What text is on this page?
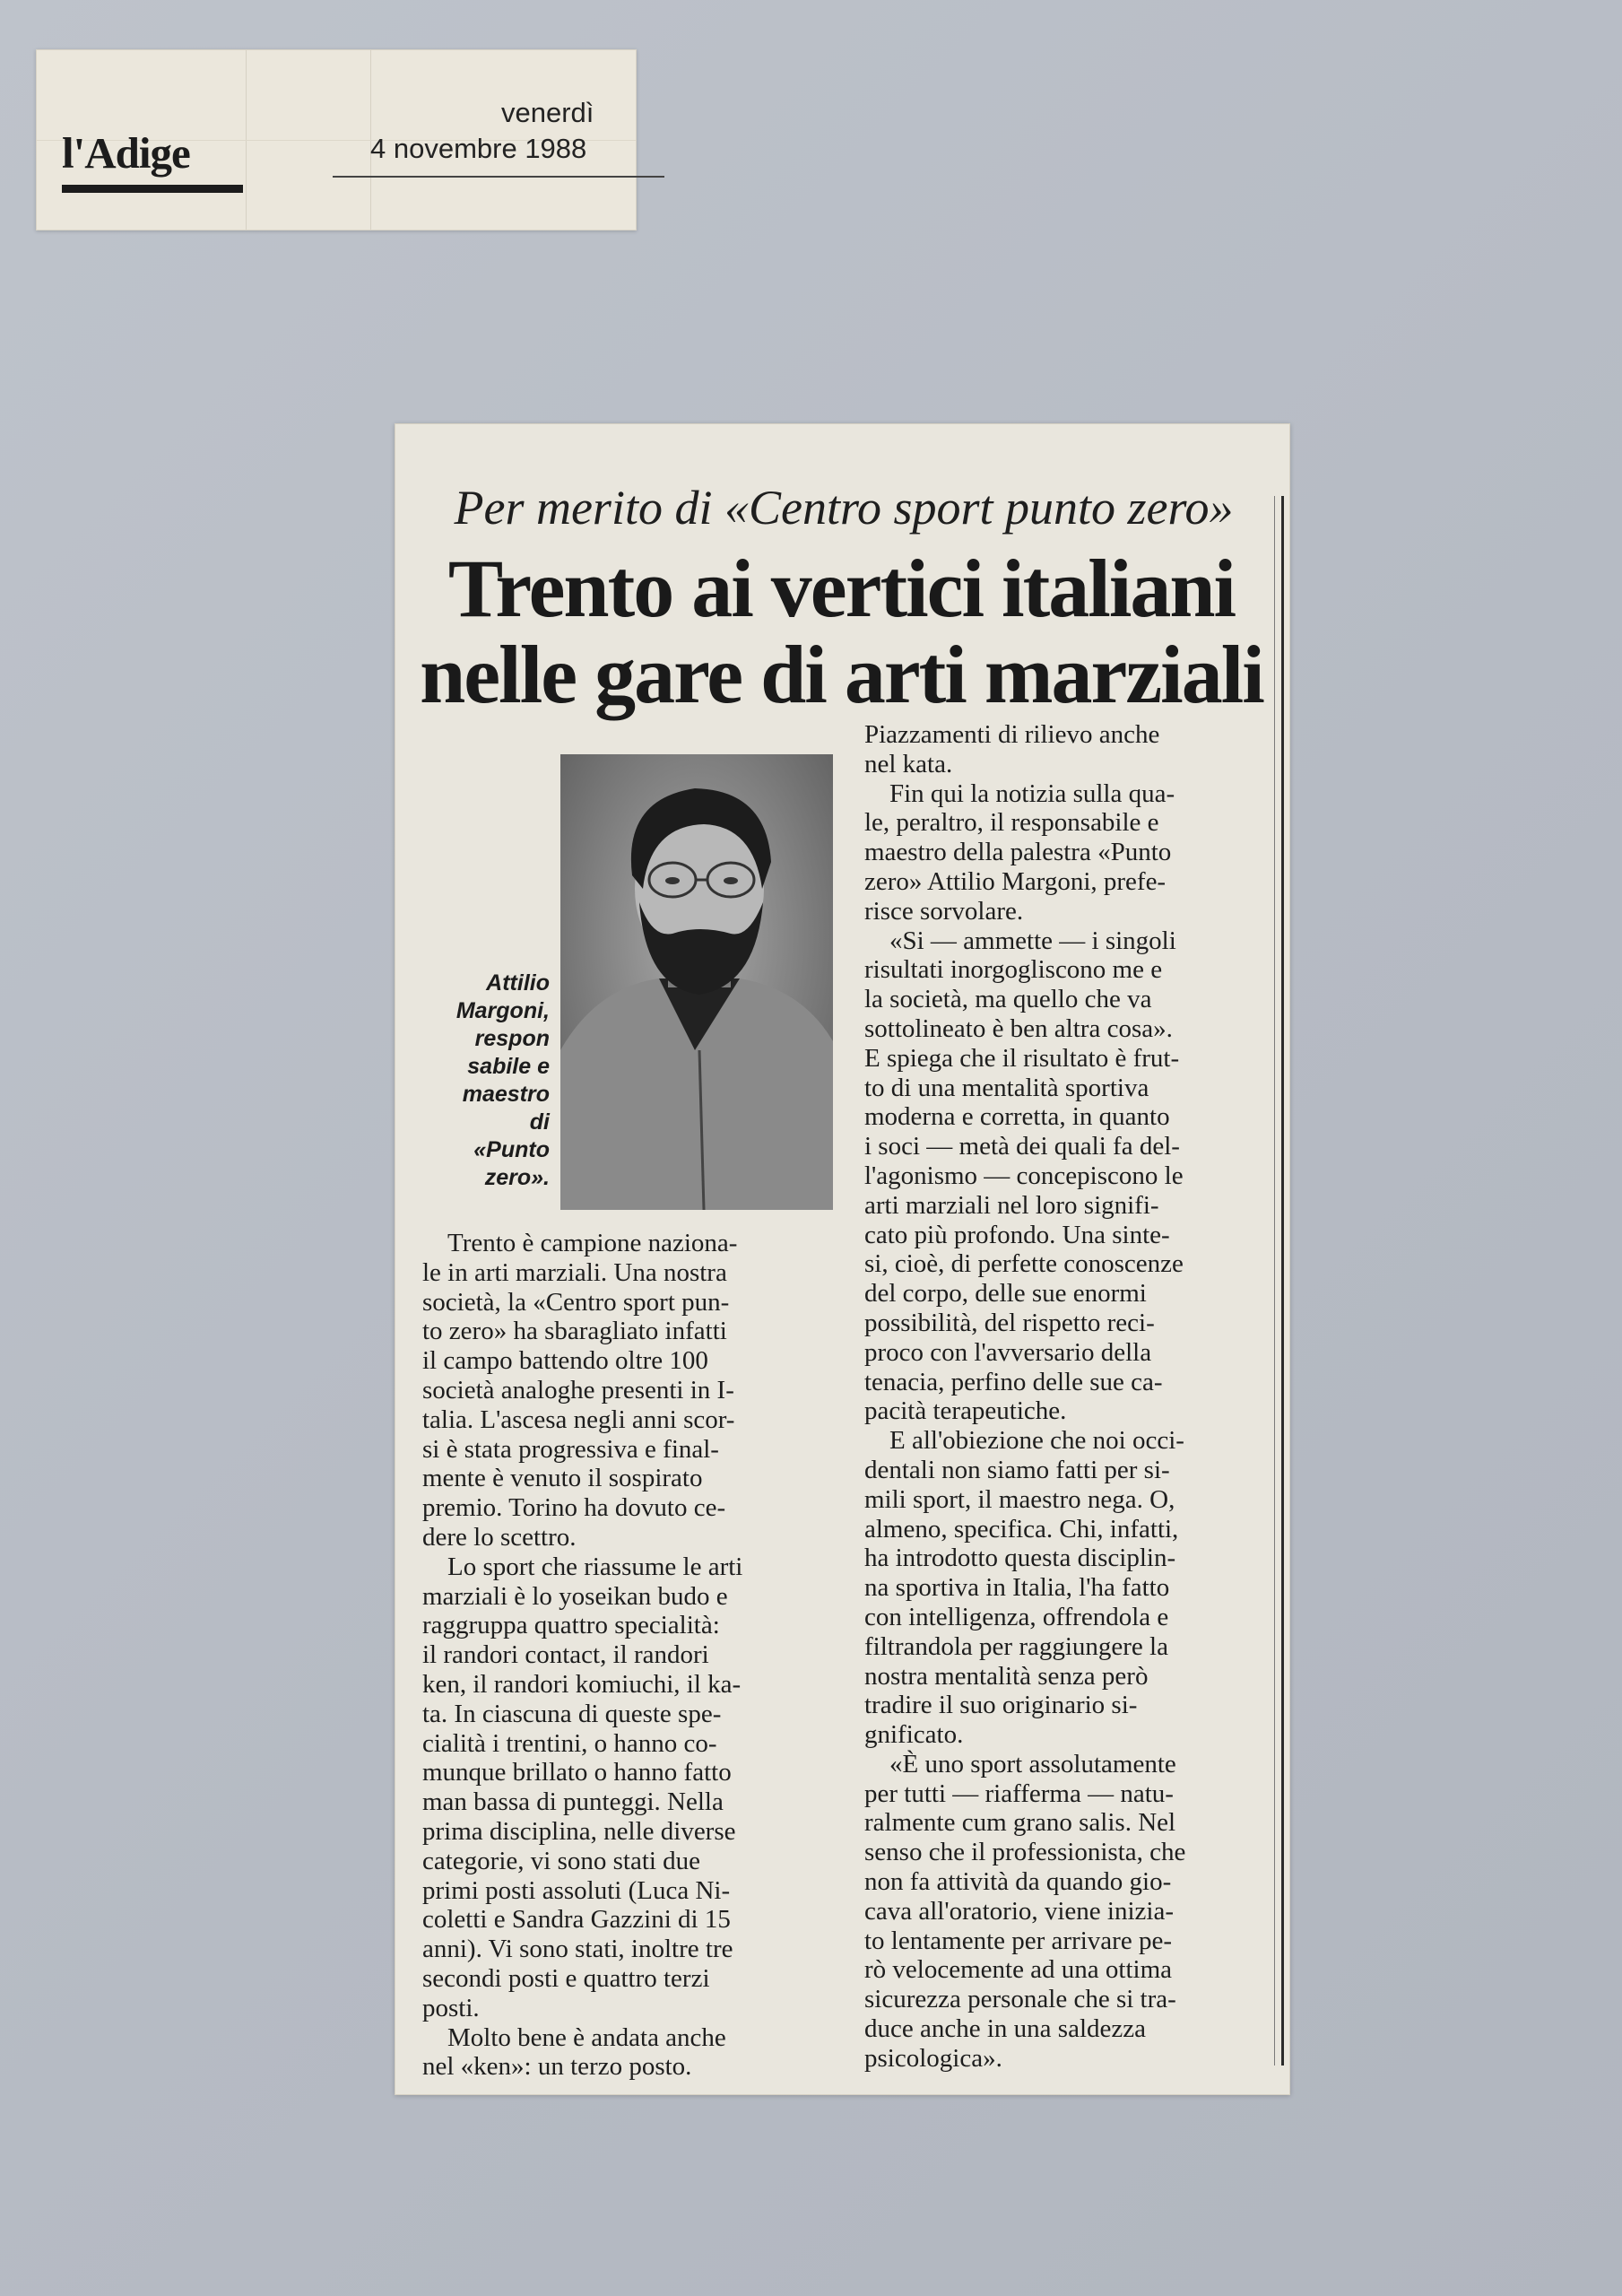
l'Adige
venerdì
4 novembre 1988
Per merito di «Centro sport punto zero»
Trento ai vertici italiani
nelle gare di arti marziali
Attilio
Margoni,
respon
sabile e
maestro
di
«Punto
zero».
Trento è campione naziona-
le in arti marziali. Una nostra
società, la «Centro sport pun-
to zero» ha sbaragliato infatti
il campo battendo oltre 100
società analoghe presenti in I-
talia. L'ascesa negli anni scor-
si è stata progressiva e final-
mente è venuto il sospirato
premio. Torino ha dovuto ce-
dere lo scettro.
Lo sport che riassume le arti
marziali è lo yoseikan budo e
raggruppa quattro specialità:
il randori contact, il randori
ken, il randori komiuchi, il ka-
ta. In ciascuna di queste spe-
cialità i trentini, o hanno co-
munque brillato o hanno fatto
man bassa di punteggi. Nella
prima disciplina, nelle diverse
categorie, vi sono stati due
primi posti assoluti (Luca Ni-
coletti e Sandra Gazzini di 15
anni). Vi sono stati, inoltre tre
secondi posti e quattro terzi
posti.
Molto bene è andata anche
nel «ken»: un terzo posto.
Piazzamenti di rilievo anche
nel kata.
Fin qui la notizia sulla qua-
le, peraltro, il responsabile e
maestro della palestra «Punto
zero» Attilio Margoni, prefe-
risce sorvolare.
«Si — ammette — i singoli
risultati inorgogliscono me e
la società, ma quello che va
sottolineato è ben altra cosa».
E spiega che il risultato è frut-
to di una mentalità sportiva
moderna e corretta, in quanto
i soci — metà dei quali fa del-
l'agonismo — concepiscono le
arti marziali nel loro signifi-
cato più profondo. Una sinte-
si, cioè, di perfette conoscenze
del corpo, delle sue enormi
possibilità, del rispetto reci-
proco con l'avversario della
tenacia, perfino delle sue ca-
pacità terapeutiche.
E all'obiezione che noi occi-
dentali non siamo fatti per si-
mili sport, il maestro nega. O,
almeno, specifica. Chi, infatti,
ha introdotto questa disciplin-
na sportiva in Italia, l'ha fatto
con intelligenza, offrendola e
filtrandola per raggiungere la
nostra mentalità senza però
tradire il suo originario si-
gnificato.
«È uno sport assolutamente
per tutti — riafferma — natu-
ralmente cum grano salis. Nel
senso che il professionista, che
non fa attività da quando gio-
cava all'oratorio, viene inizia-
to lentamente per arrivare pe-
rò velocemente ad una ottima
sicurezza personale che si tra-
duce anche in una saldezza
psicologica».
